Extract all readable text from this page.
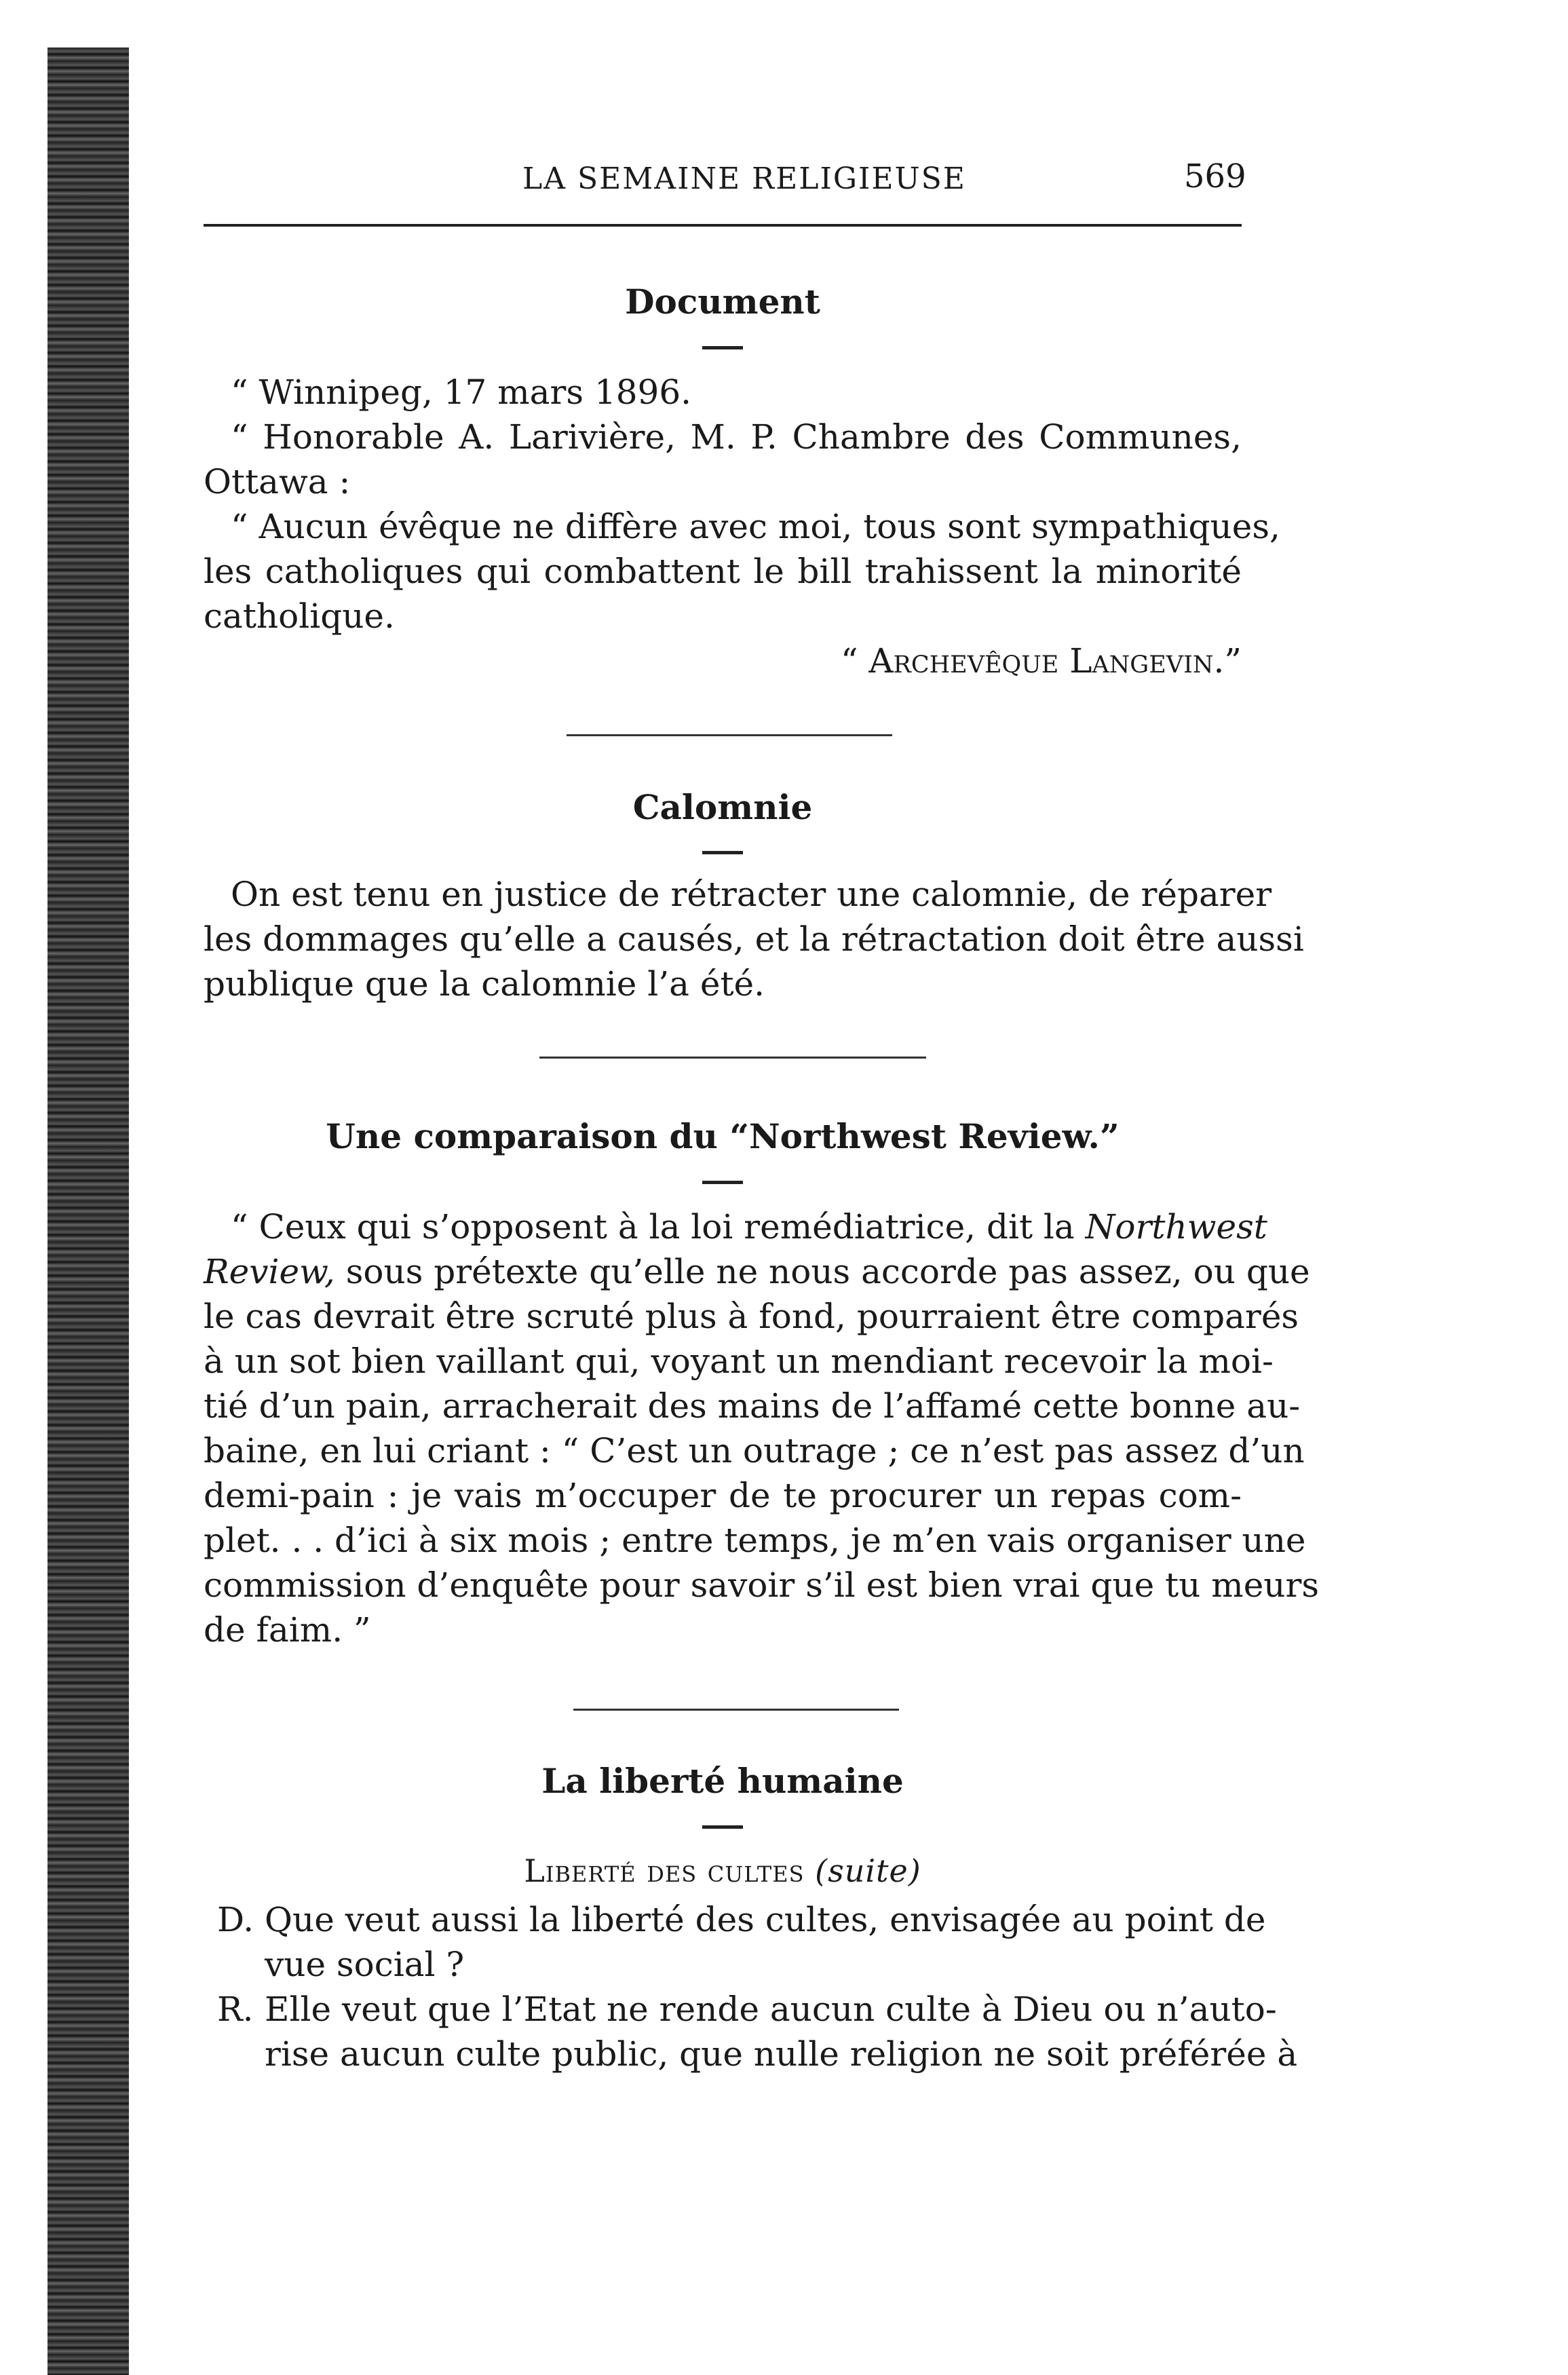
LA SEMAINE RELIGIEUSE	569
Document
“ Winnipeg, 17 mars 1896.
“ Honorable A. Larivière, M. P. Chambre des Communes,
Ottawa :
“ Aucun évêque ne diffère avec moi, tous sont sympathiques,
les catholiques qui combattent le bill trahissent la minorité
catholique.
“ Archevêque Langevin.”
Calomnie
On est tenu en justice de rétracter une calomnie, de réparer
les dommages qu’elle a causés, et la rétractation doit être aussi
publique que la calomnie l’a été.
Une comparaison du “Northwest Review.”
“ Ceux qui s’opposent à la loi remédiatrice, dit la Northwest
Review, sous prétexte qu’elle ne nous accorde pas assez, ou que
le cas devrait être scruté plus à fond, pourraient être comparés
à un sot bien vaillant qui, voyant un mendiant recevoir la moi-
tié d’un pain, arracherait des mains de l’affamé cette bonne au-
baine, en lui criant : “ C’est un outrage ; ce n’est pas assez d’un
demi-pain : je vais m’occuper de te procurer un repas com-
plet. . . d’ici à six mois ; entre temps, je m’en vais organiser une
commission d’enquête pour savoir s’il est bien vrai que tu meurs
de faim. ”
La liberté humaine
Liberté des cultes (suite)
D. Que veut aussi la liberté des cultes, envisagée au point de
vue social ?
R. Elle veut que l’Etat ne rende aucun culte à Dieu ou n’auto-
rise aucun culte public, que nulle religion ne soit préférée à
